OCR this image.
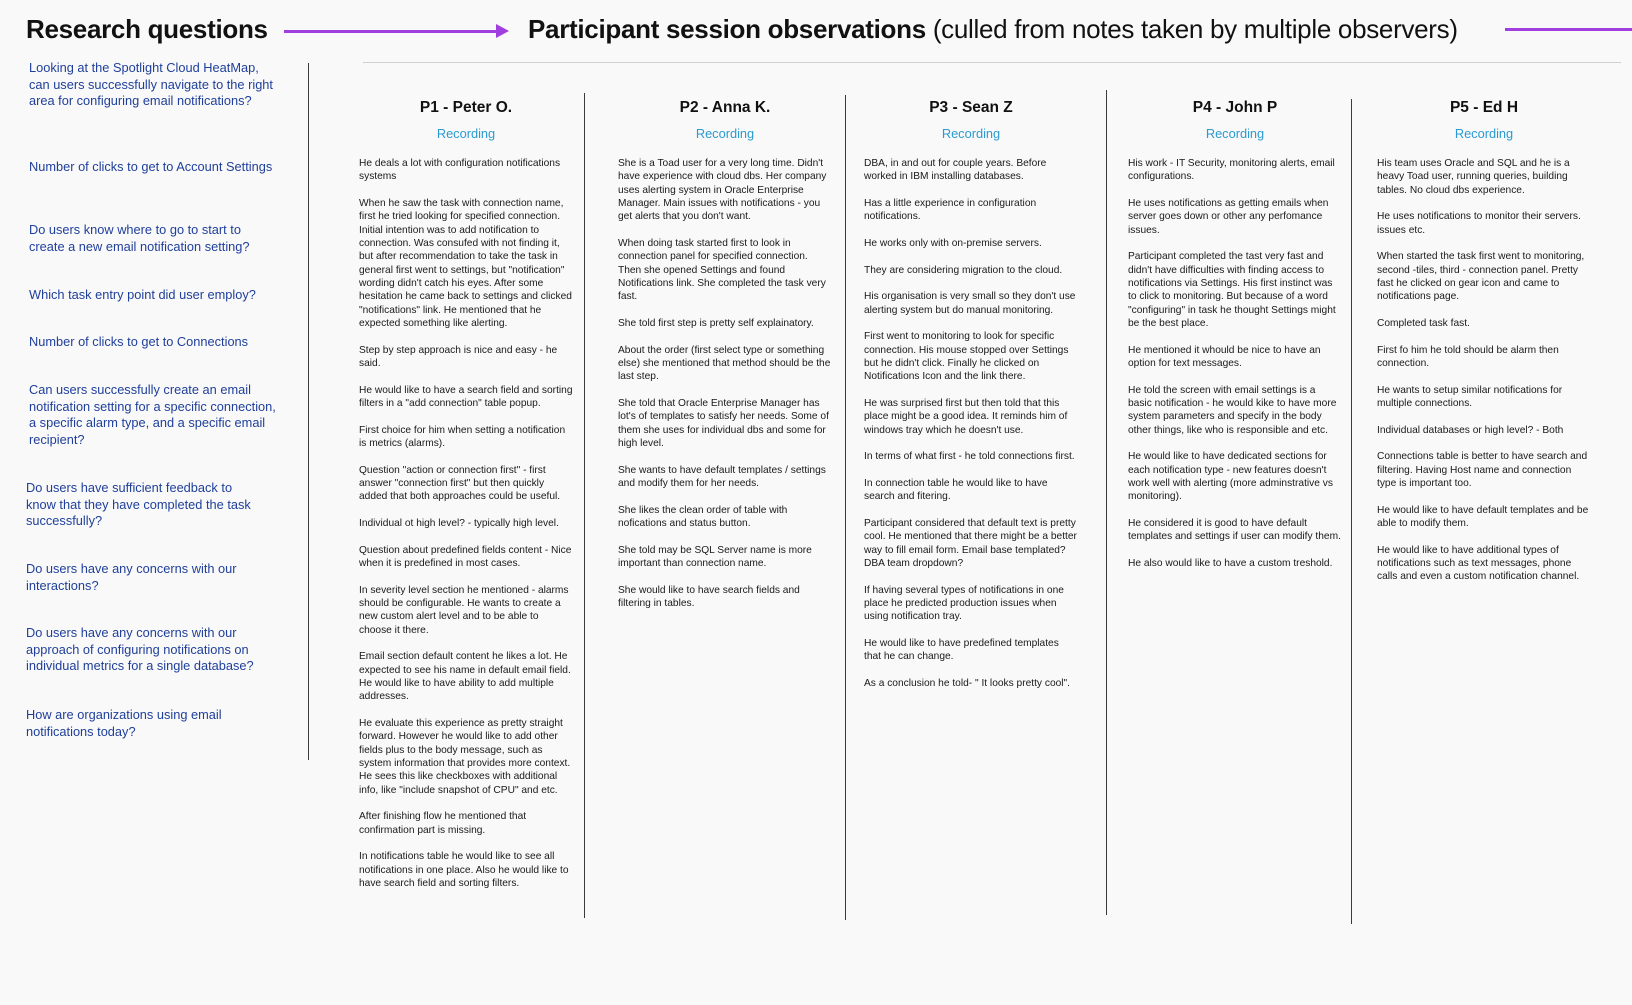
Research questions	Participant session observations (culled from notes taken by multiple observers)

Looking at the Spotlight Cloud HeatMap, can users successfully navigate to the right area for configuring email notifications?

Number of clicks to get to Account Settings

Do users know where to go to start to create a new email notification setting?

Which task entry point did user employ?

Number of clicks to get to Connections

Can users successfully create an email notification setting for a specific connection, a specific alarm type, and a specific email recipient?

Do users have sufficient feedback to know that they have completed the task successfully?

Do users have any concerns with our interactions?

Do users have any concerns with our approach of configuring notifications on individual metrics for a single database?

How are organizations using email notifications today?

P1 - Peter O.
Recording

He deals a lot with configuration notifications systems

When he saw the task with connection name, first he tried looking for specified connection. Initial intention was to add notification to connection. Was consufed with not finding it, but after recommendation to take the task in general first went to settings, but "notification" wording didn't catch his eyes. After some hesitation he came back to settings and clicked "notifications" link. He mentioned that he expected something like alerting.

Step by step approach is nice and easy - he said.

He would like to have a search field and sorting filters in a "add connection" table popup.

First choice for him when setting a notification is metrics (alarms).

Question "action or connection first" - first answer "connection first" but then quickly added that both approaches could be useful.

Individual ot high level? - typically high level.

Question about predefined fields content - Nice when it is predefined in most cases.

In severity level section he mentioned - alarms should be configurable. He wants to create a new custom alert level and to be able to choose it there.

Email section default content he likes a lot. He expected to see his name in default email field. He would like to have ability to add multiple addresses.

He evaluate this experience as pretty straight forward. However he would like to add other fields plus to the body message, such as system information that provides more context. He sees this like checkboxes with additional info, like "include snapshot of CPU" and etc.

After finishing flow he mentioned that confirmation part is missing.

In notifications table he would like to see all notifications in one place. Also he would like to have search field and sorting filters.

P2 - Anna K.
Recording

She is a Toad user for a very long time. Didn't have experience with cloud dbs. Her company uses alerting system in Oracle Enterprise Manager. Main issues with notifications - you get alerts that you don't want.

When doing task started first to look in connection panel for specified connection. Then she opened Settings and found Notifications link. She completed the task very fast.

She told first step is pretty self explainatory.

About the order (first select type or something else) she mentioned that method should be the last step.

She told that Oracle Enterprise Manager has lot's of templates to satisfy her needs. Some of them she uses for individual dbs and some for high level.

She wants to have default templates / settings and modify them for her needs.

She likes the clean order of table with nofications and status button.

She told may be SQL Server name is more important than connection name.

She would like to have search fields and filtering in tables.

P3 - Sean Z
Recording

DBA, in and out for couple years. Before worked in IBM installing databases.

Has a little experience in configuration notifications.

He works only with on-premise servers.

They are considering migration to the cloud.

His organisation is very small so they don't use alerting system but do manual monitoring.

First went to monitoring to look for specific connection. His mouse stopped over Settings but he didn't click. Finally he clicked on Notifications Icon and the link there.

He was surprised first but then told that this place might be a good idea. It reminds him of windows tray which he doesn't use.

In terms of what first - he told connections first.

In connection table he would like to have search and fitering.

Participant considered that default text is pretty cool. He mentioned that there might be a better way to fill email form. Email base templated? DBA team dropdown?

If having several types of notifications in one place he predicted production issues when using notification tray.

He would like to have predefined templates that he can change.

As a conclusion he told- " It looks pretty cool".

P4 - John P
Recording

His work - IT Security, monitoring alerts, email configurations.

He uses notifications as getting emails when server goes down or other any perfomance issues.

Participant completed the tast very fast and didn't have difficulties with finding access to notifications via Settings. His first instinct was to click to monitoring. But because of a word "configuring" in task he thought Settings might be the best place.

He mentioned it whould be nice to have an option for text messages.

He told the screen with email settings is a basic notification - he would kike to have more system parameters and specify in the body other things, like who is responsible and etc.

He would like to have dedicated sections for each notification type - new features doesn't work well with alerting (more adminstrative vs monitoring).

He considered it is good to have default templates and settings if user can modify them.

He also would like to have a custom treshold.

P5 - Ed H
Recording

His team uses Oracle and SQL and he is a heavy Toad user, running queries, building tables. No cloud dbs experience.

He uses notifications to monitor their servers. issues etc.

When started the task first went to monitoring, second -tiles, third - connection panel. Pretty fast he clicked on gear icon and came to notifications page.

Completed task fast.

First fo him he told should be alarm then connection.

He wants to setup similar notifications for multiple connections.

Individual databases or high level? - Both

Connections table is better to have search and filtering. Having Host name and connection type is important too.

He would like to have default templates and be able to modify them.

He would like to have additional types of notifications such as text messages, phone calls and even a custom notification channel.
